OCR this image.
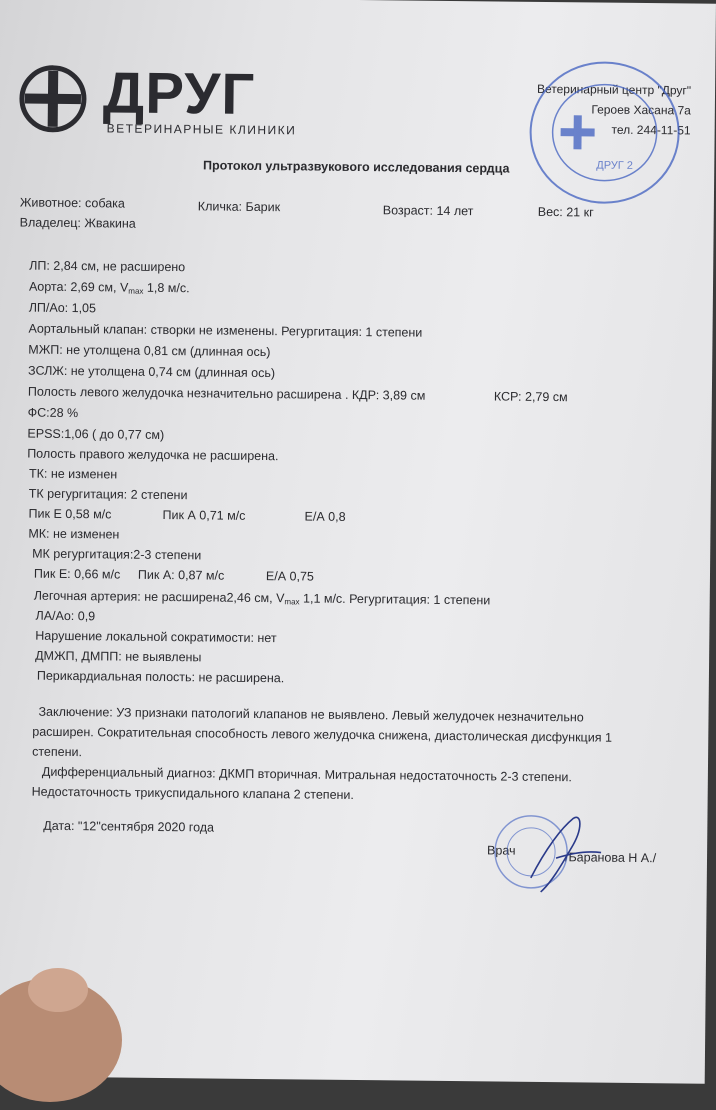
ДРУГ
ВЕТЕРИНАРНЫЕ КЛИНИКИ
Ветеринарный центр "Друг"
Героев Хасана 7а
тел. 244-11-51
ДРУГ 2
Протокол ультразвукового исследования сердца
Животное: собака	Кличка: Барик	Возраст: 14 лет	Вес: 21 кг
Владелец: Жвакина
ЛП: 2,84 см, не расширено
Аорта: 2,69 см, $V_{max}$ 1,8 м/с.
ЛП/Ао: 1,05
Аортальный клапан: створки не изменены. Регургитация: 1 степени
МЖП: не утолщена 0,81 см (длинная ось)
ЗСЛЖ: не утолщена 0,74 см (длинная ось)
Полость левого желудочка незначительно расширена . КДР: 3,89 см	КСР: 2,79 см
ФС:28 %
EPSS:1,06 ( до 0,77 см)
Полость правого желудочка не расширена.
ТК: не изменен
ТК регургитация: 2 степени
Пик Е 0,58 м/с	Пик А 0,71 м/с	Е/А 0,8
МК: не изменен
МК регургитация:2-3 степени
Пик Е: 0,66 м/с Пик А: 0,87 м/с	Е/А 0,75
Легочная артерия: не расширена2,46 см, $V_{max}$ 1,1 м/с. Регургитация: 1 степени
ЛА/Ао: 0,9
Нарушение локальной сократимости: нет
ДМЖП, ДМПП: не выявлены
Перикардиальная полость: не расширена.
Заключение: УЗ признаки патологий клапанов не выявлено. Левый желудочек незначительно
расширен. Сократительная способность левого желудочка снижена, диастолическая дисфункция 1
степени.
Дифференциальный диагноз: ДКМП вторичная. Митральная недостаточность 2-3 степени.
Недостаточность трикуспидального клапана 2 степени.
Дата: "12"сентября 2020 года
Врач	/Баранова Н А./
